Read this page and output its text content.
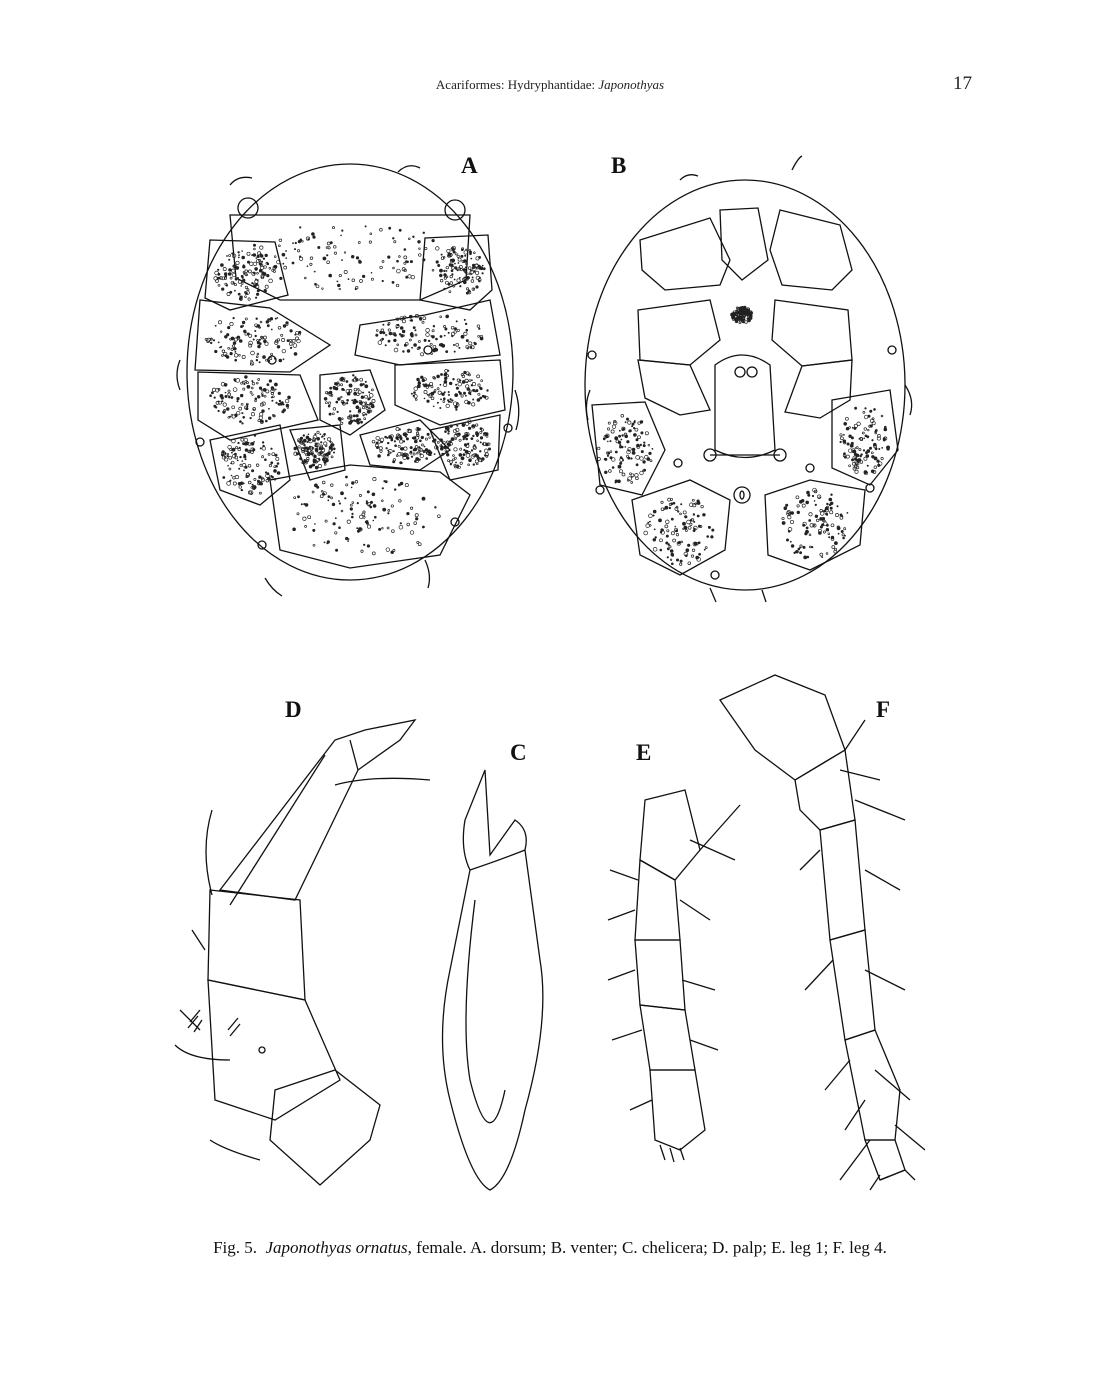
Acariformes: Hydryphantidae: Japonothyas	17
A	B
D
C	E
F
Fig. 5. Japonothyas ornatus, female. A. dorsum; B. venter; C. chelicera; D. palp; E. leg 1; F. leg 4.
